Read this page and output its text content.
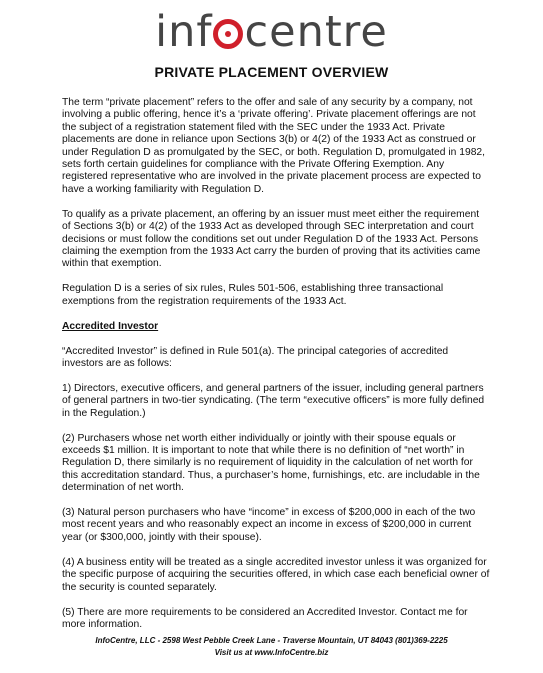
inf centre
PRIVATE PLACEMENT OVERVIEW

The term “private placement” refers to the offer and sale of any security by a company, not involving a public offering, hence it’s a ‘private offering’. Private placement offerings are not the subject of a registration statement filed with the SEC under the 1933 Act. Private placements are done in reliance upon Sections 3(b) or 4(2) of the 1933 Act as construed or under Regulation D as promulgated by the SEC, or both. Regulation D, promulgated in 1982, sets forth certain guidelines for compliance with the Private Offering Exemption. Any registered representative who are involved in the private placement process are expected to have a working familiarity with Regulation D.

To qualify as a private placement, an offering by an issuer must meet either the requirement of Sections 3(b) or 4(2) of the 1933 Act as developed through SEC interpretation and court decisions or must follow the conditions set out under Regulation D of the 1933 Act. Persons claiming the exemption from the 1933 Act carry the burden of proving that its activities came within that exemption.

Regulation D is a series of six rules, Rules 501-506, establishing three transactional exemptions from the registration requirements of the 1933 Act.

Accredited Investor

“Accredited Investor” is defined in Rule 501(a). The principal categories of accredited investors are as follows:

1) Directors, executive officers, and general partners of the issuer, including general partners of general partners in two-tier syndicating. (The term “executive officers” is more fully defined in the Regulation.)

(2) Purchasers whose net worth either individually or jointly with their spouse equals or exceeds $1 million. It is important to note that while there is no definition of “net worth” in Regulation D, there similarly is no requirement of liquidity in the calculation of net worth for this accreditation standard. Thus, a purchaser’s home, furnishings, etc. are includable in the determination of net worth.

(3) Natural person purchasers who have “income” in excess of $200,000 in each of the two most recent years and who reasonably expect an income in excess of $200,000 in current year (or $300,000, jointly with their spouse).

(4) A business entity will be treated as a single accredited investor unless it was organized for the specific purpose of acquiring the securities offered, in which case each beneficial owner of the security is counted separately.

(5) There are more requirements to be considered an Accredited Investor. Contact me for more information.

InfoCentre, LLC - 2598 West Pebble Creek Lane - Traverse Mountain, UT 84043 (801)369-2225
Visit us at www.InfoCentre.biz
